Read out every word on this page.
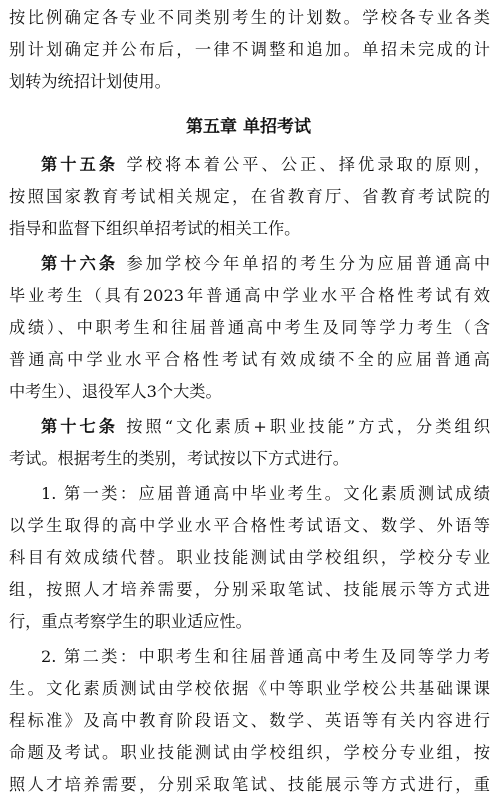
按比例确定各专业不同类别考生的计划数。学校各专业各类
别计划确定并公布后，一律不调整和追加。单招未完成的计
划转为统招计划使用。
第五章 单招考试
第十五条 学校将本着公平、公正、择优录取的原则，
按照国家教育考试相关规定，在省教育厅、省教育考试院的
指导和监督下组织单招考试的相关工作。
第十六条 参加学校今年单招的考生分为应届普通高中
毕业考生（具有2023年普通高中学业水平合格性考试有效
成绩）、中职考生和往届普通高中考生及同等学力考生（含
普通高中学业水平合格性考试有效成绩不全的应届普通高
中考生）、退役军人3个大类。
第十七条 按照“文化素质+职业技能”方式，分类组织
考试。根据考生的类别，考试按以下方式进行。
1. 第一类：应届普通高中毕业考生。文化素质测试成绩
以学生取得的高中学业水平合格性考试语文、数学、外语等
科目有效成绩代替。职业技能测试由学校组织，学校分专业
组，按照人才培养需要，分别采取笔试、技能展示等方式进
行，重点考察学生的职业适应性。
2. 第二类：中职考生和往届普通高中考生及同等学力考
生。文化素质测试由学校依据《中等职业学校公共基础课课
程标准》及高中教育阶段语文、数学、英语等有关内容进行
命题及考试。职业技能测试由学校组织，学校分专业组，按
照人才培养需要，分别采取笔试、技能展示等方式进行，重
